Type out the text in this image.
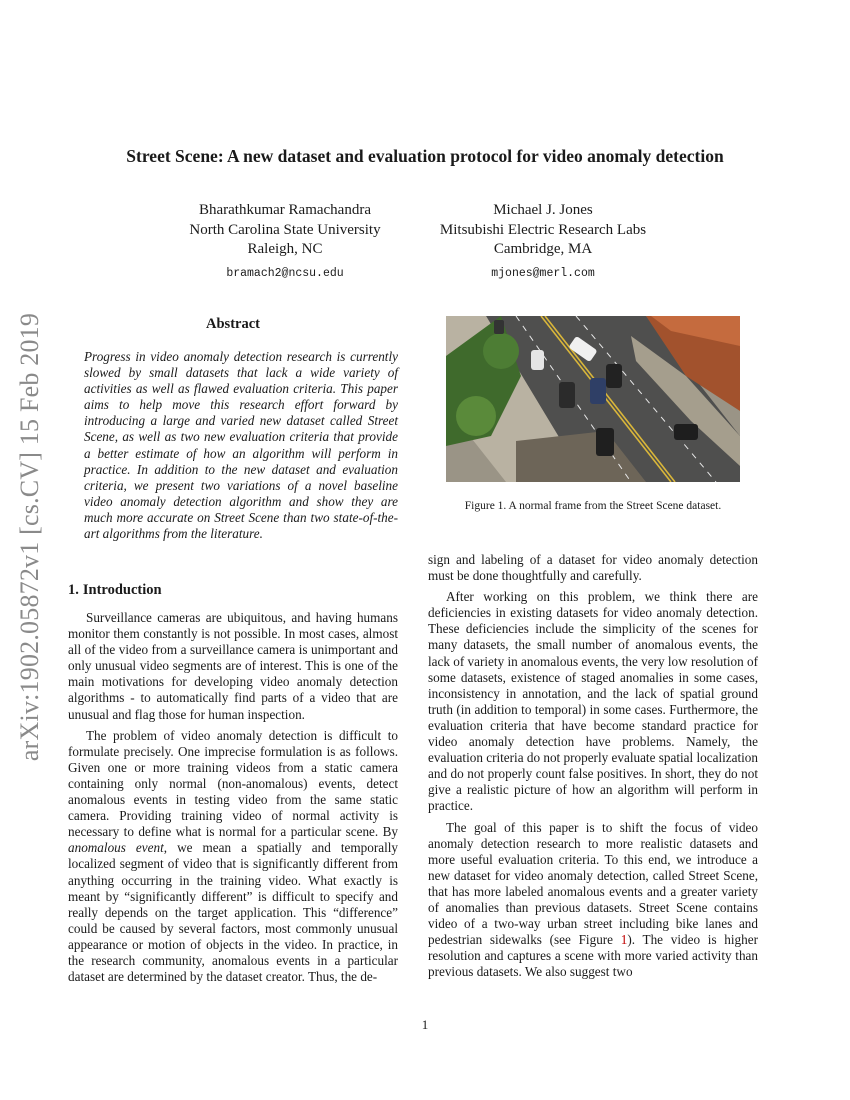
arXiv:1902.05872v1 [cs.CV] 15 Feb 2019
Street Scene: A new dataset and evaluation protocol for video anomaly detection
Bharathkumar Ramachandra
North Carolina State University
Raleigh, NC
bramach2@ncsu.edu
Michael J. Jones
Mitsubishi Electric Research Labs
Cambridge, MA
mjones@merl.com
Abstract
Progress in video anomaly detection research is currently slowed by small datasets that lack a wide variety of activities as well as flawed evaluation criteria. This paper aims to help move this research effort forward by introducing a large and varied new dataset called Street Scene, as well as two new evaluation criteria that provide a better estimate of how an algorithm will perform in practice. In addition to the new dataset and evaluation criteria, we present two variations of a novel baseline video anomaly detection algorithm and show they are much more accurate on Street Scene than two state-of-the-art algorithms from the literature.
1. Introduction

Surveillance cameras are ubiquitous, and having humans monitor them constantly is not possible. In most cases, almost all of the video from a surveillance camera is unimportant and only unusual video segments are of interest. This is one of the main motivations for developing video anomaly detection algorithms - to automatically find parts of a video that are unusual and flag those for human inspection.

The problem of video anomaly detection is difficult to formulate precisely. One imprecise formulation is as follows. Given one or more training videos from a static camera containing only normal (non-anomalous) events, detect anomalous events in testing video from the same static camera. Providing training video of normal activity is necessary to define what is normal for a particular scene. By anomalous event, we mean a spatially and temporally localized segment of video that is significantly different from anything occurring in the training video. What exactly is meant by “significantly different” is difficult to specify and really depends on the target application. This “difference” could be caused by several factors, most commonly unusual appearance or motion of objects in the video. In practice, in the research community, anomalous events in a particular dataset are determined by the dataset creator. Thus, the de-

Figure 1. A normal frame from the Street Scene dataset.

sign and labeling of a dataset for video anomaly detection must be done thoughtfully and carefully.

After working on this problem, we think there are deficiencies in existing datasets for video anomaly detection. These deficiencies include the simplicity of the scenes for many datasets, the small number of anomalous events, the lack of variety in anomalous events, the very low resolution of some datasets, existence of staged anomalies in some cases, inconsistency in annotation, and the lack of spatial ground truth (in addition to temporal) in some cases. Furthermore, the evaluation criteria that have become standard practice for video anomaly detection have problems. Namely, the evaluation criteria do not properly evaluate spatial localization and do not properly count false positives. In short, they do not give a realistic picture of how an algorithm will perform in practice.

The goal of this paper is to shift the focus of video anomaly detection research to more realistic datasets and more useful evaluation criteria. To this end, we introduce a new dataset for video anomaly detection, called Street Scene, that has more labeled anomalous events and a greater variety of anomalies than previous datasets. Street Scene contains video of a two-way urban street including bike lanes and pedestrian sidewalks (see Figure 1). The video is higher resolution and captures a scene with more varied activity than previous datasets. We also suggest two

1
